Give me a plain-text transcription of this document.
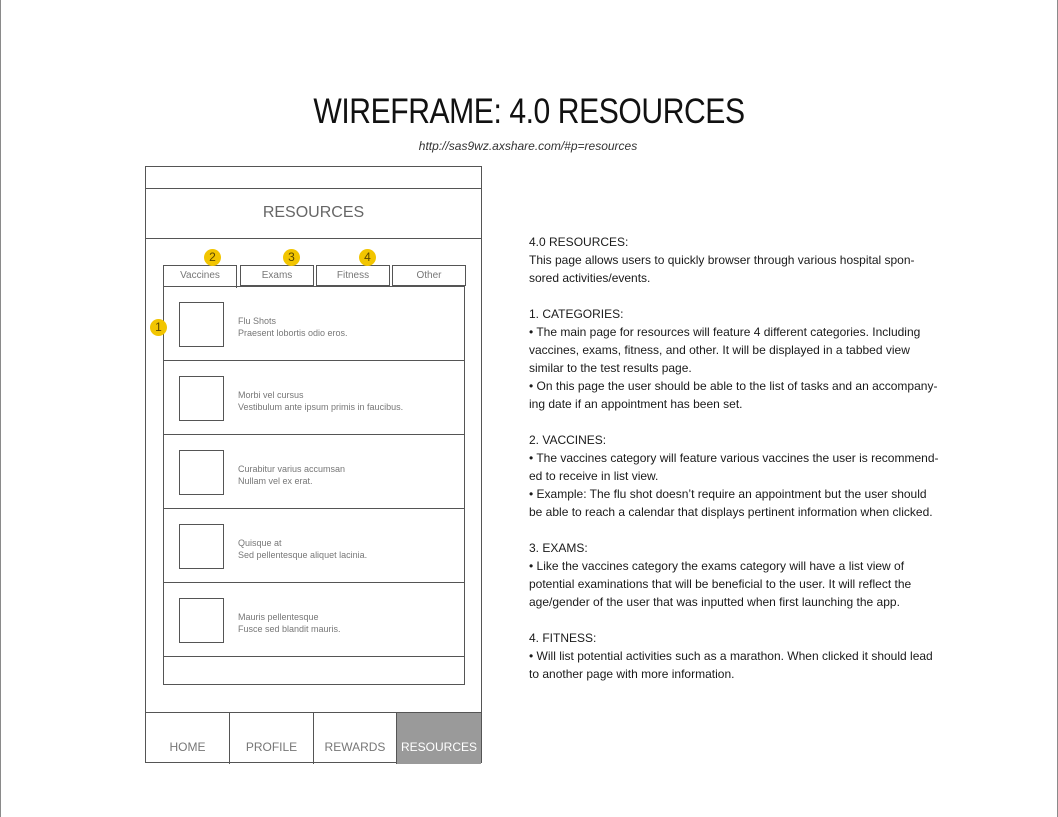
WIREFRAME: 4.0 RESOURCES
http://sas9wz.axshare.com/#p=resources
RESOURCES
Vaccines	Exams	Fitness	Other
Flu Shots
Praesent lobortis odio eros.
Morbi vel cursus
Vestibulum ante ipsum primis in faucibus.
Curabitur varius accumsan
Nullam vel ex erat.
Quisque at
Sed pellentesque aliquet lacinia.
Mauris pellentesque
Fusce sed blandit mauris.
HOME	PROFILE	REWARDS	RESOURCES
1
2	3	4

4.0 RESOURCES:

This page allows users to quickly browser through various hospital spon-

sored activities/events.

1. CATEGORIES:

• The main page for resources will feature 4 different categories. Including

vaccines, exams, fitness, and other. It will be displayed in a tabbed view

similar to the test results page.

• On this page the user should be able to the list of tasks and an accompany-

ing date if an appointment has been set.

2. VACCINES:

• The vaccines category will feature various vaccines the user is recommend-

ed to receive in list view.

• Example: The flu shot doesn’t require an appointment but the user should

be able to reach a calendar that displays pertinent information when clicked.

3. EXAMS:

• Like the vaccines category the exams category will have a list view of

potential examinations that will be beneficial to the user. It will reflect the

age/gender of the user that was inputted when first launching the app.

4. FITNESS:

• Will list potential activities such as a marathon. When clicked it should lead

to another page with more information.
